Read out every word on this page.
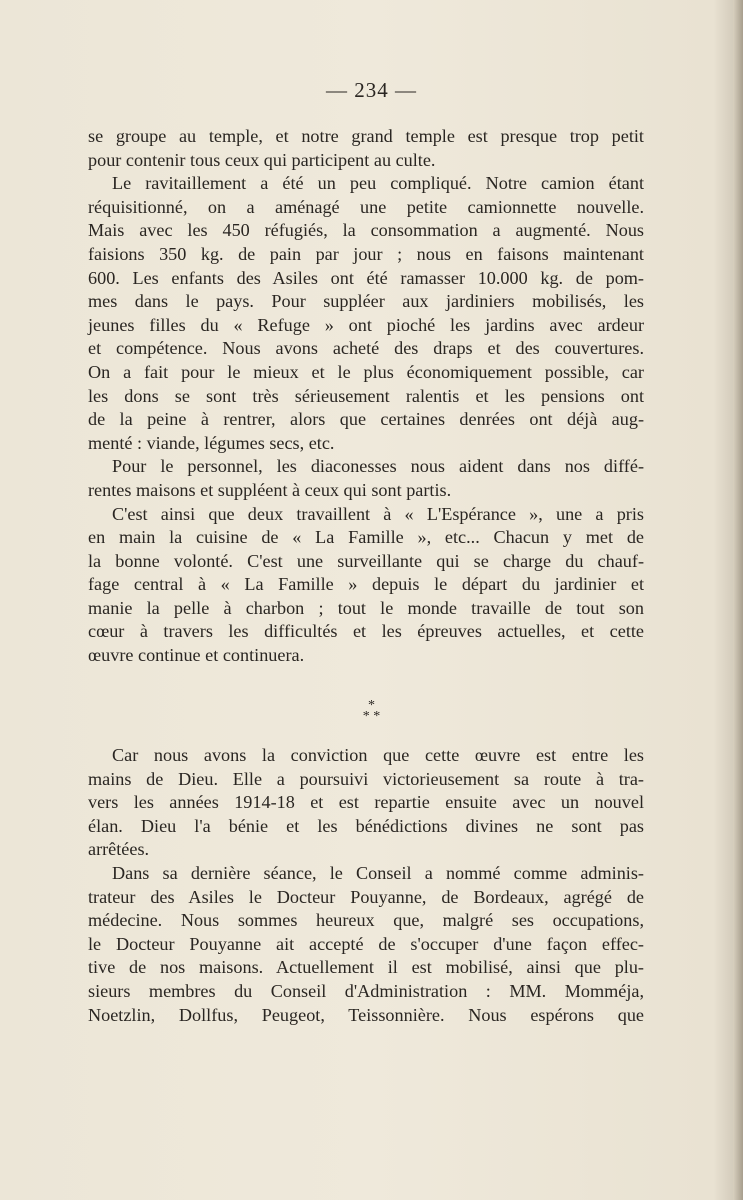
— 234 —
se groupe au temple, et notre grand temple est presque trop petit
pour contenir tous ceux qui participent au culte.
Le ravitaillement a été un peu compliqué. Notre camion étant
réquisitionné, on a aménagé une petite camionnette nouvelle.
Mais avec les 450 réfugiés, la consommation a augmenté. Nous
faisions 350 kg. de pain par jour ; nous en faisons maintenant
600. Les enfants des Asiles ont été ramasser 10.000 kg. de pom-
mes dans le pays. Pour suppléer aux jardiniers mobilisés, les
jeunes filles du « Refuge » ont pioché les jardins avec ardeur
et compétence. Nous avons acheté des draps et des couvertures.
On a fait pour le mieux et le plus économiquement possible, car
les dons se sont très sérieusement ralentis et les pensions ont
de la peine à rentrer, alors que certaines denrées ont déjà aug-
menté : viande, légumes secs, etc.
Pour le personnel, les diaconesses nous aident dans nos diffé-
rentes maisons et suppléent à ceux qui sont partis.
C'est ainsi que deux travaillent à « L'Espérance », une a pris
en main la cuisine de « La Famille », etc... Chacun y met de
la bonne volonté. C'est une surveillante qui se charge du chauf-
fage central à « La Famille » depuis le départ du jardinier et
manie la pelle à charbon ; tout le monde travaille de tout son
cœur à travers les difficultés et les épreuves actuelles, et cette
œuvre continue et continuera.
*
* *
Car nous avons la conviction que cette œuvre est entre les
mains de Dieu. Elle a poursuivi victorieusement sa route à tra-
vers les années 1914-18 et est repartie ensuite avec un nouvel
élan. Dieu l'a bénie et les bénédictions divines ne sont pas
arrêtées.
Dans sa dernière séance, le Conseil a nommé comme adminis-
trateur des Asiles le Docteur Pouyanne, de Bordeaux, agrégé de
médecine. Nous sommes heureux que, malgré ses occupations,
le Docteur Pouyanne ait accepté de s'occuper d'une façon effec-
tive de nos maisons. Actuellement il est mobilisé, ainsi que plu-
sieurs membres du Conseil d'Administration : MM. Momméja,
Noetzlin, Dollfus, Peugeot, Teissonnière. Nous espérons que
